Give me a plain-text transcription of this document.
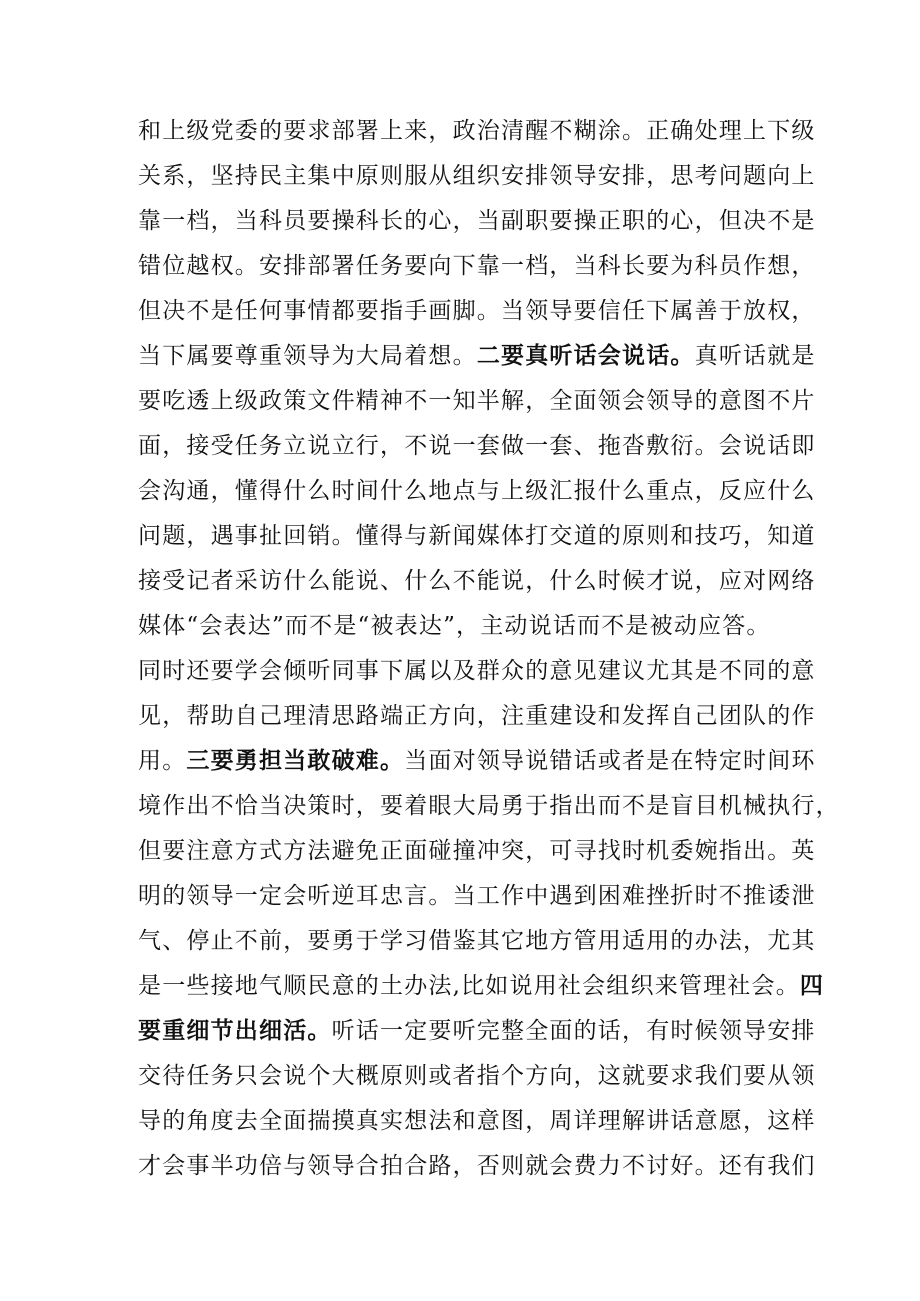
和上级党委的要求部署上来，政治清醒不糊涂。正确处理上下级
关系，坚持民主集中原则服从组织安排领导安排，思考问题向上
靠一档，当科员要操科长的心，当副职要操正职的心，但决不是
错位越权。安排部署任务要向下靠一档，当科长要为科员作想，
但决不是任何事情都要指手画脚。当领导要信任下属善于放权，
当下属要尊重领导为大局着想。二要真听话会说话。真听话就是
要吃透上级政策文件精神不一知半解，全面领会领导的意图不片
面，接受任务立说立行，不说一套做一套、拖沓敷衍。会说话即
会沟通，懂得什么时间什么地点与上级汇报什么重点，反应什么
问题，遇事扯回销。懂得与新闻媒体打交道的原则和技巧，知道
接受记者采访什么能说、什么不能说，什么时候才说，应对网络
媒体“会表达”而不是“被表达”，主动说话而不是被动应答。
同时还要学会倾听同事下属以及群众的意见建议尤其是不同的意
见，帮助自己理清思路端正方向，注重建设和发挥自己团队的作
用。三要勇担当敢破难。当面对领导说错话或者是在特定时间环
境作出不恰当决策时，要着眼大局勇于指出而不是盲目机械执行，
但要注意方式方法避免正面碰撞冲突，可寻找时机委婉指出。英
明的领导一定会听逆耳忠言。当工作中遇到困难挫折时不推诿泄
气、停止不前，要勇于学习借鉴其它地方管用适用的办法，尤其
是一些接地气顺民意的土办法,比如说用社会组织来管理社会。四
要重细节出细活。听话一定要听完整全面的话，有时候领导安排
交待任务只会说个大概原则或者指个方向，这就要求我们要从领
导的角度去全面揣摸真实想法和意图，周详理解讲话意愿，这样
才会事半功倍与领导合拍合路，否则就会费力不讨好。还有我们
